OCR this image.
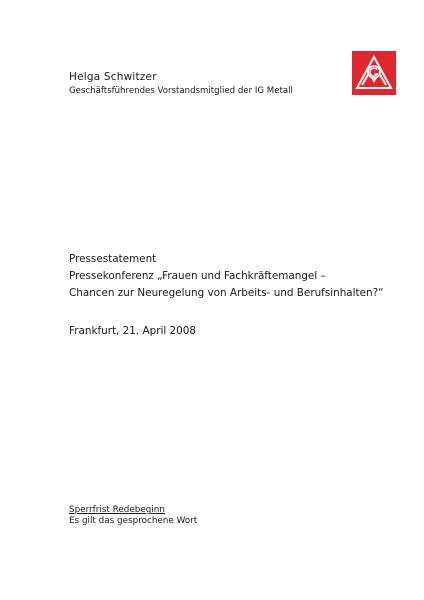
Helga Schwitzer
Geschäftsführendes Vorstandsmitglied der IG Metall
Pressestatement
Pressekonferenz „Frauen und Fachkräftemangel –
Chancen zur Neuregelung von Arbeits- und Berufsinhalten?“
Frankfurt, 21. April 2008
Sperrfrist Redebeginn
Es gilt das gesprochene Wort
